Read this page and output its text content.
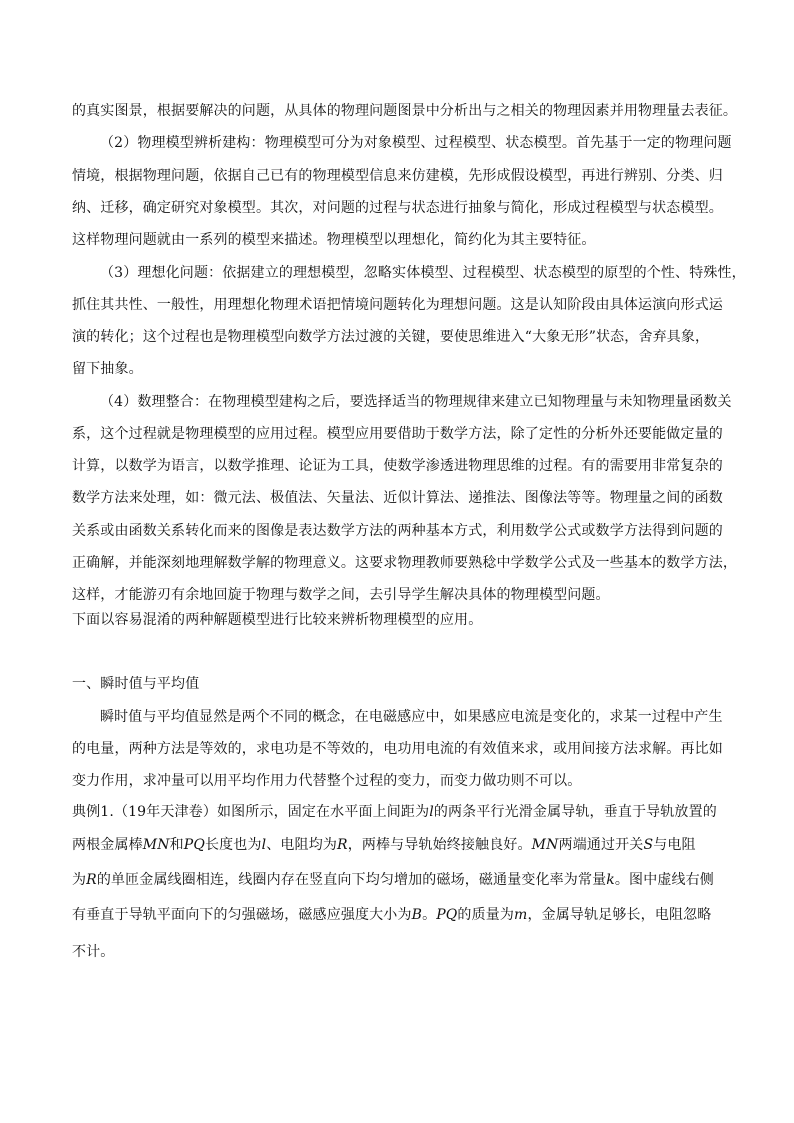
的真实图景，根据要解决的问题，从具体的物理问题图景中分析出与之相关的物理因素并用物理量去表征。
（2）物理模型辨析建构：物理模型可分为对象模型、过程模型、状态模型。首先基于一定的物理问题
情境，根据物理问题，依据自己已有的物理模型信息来仿建模，先形成假设模型，再进行辨别、分类、归
纳、迁移，确定研究对象模型。其次，对问题的过程与状态进行抽象与简化，形成过程模型与状态模型。
这样物理问题就由一系列的模型来描述。物理模型以理想化，简约化为其主要特征。
（3）理想化问题：依据建立的理想模型，忽略实体模型、过程模型、状态模型的原型的个性、特殊性，
抓住其共性、一般性，用理想化物理术语把情境问题转化为理想问题。这是认知阶段由具体运演向形式运
演的转化；这个过程也是物理模型向数学方法过渡的关键，要使思维进入“大象无形”状态，舍弃具象，
留下抽象。
（4）数理整合：在物理模型建构之后，要选择适当的物理规律来建立已知物理量与未知物理量函数关
系，这个过程就是物理模型的应用过程。模型应用要借助于数学方法，除了定性的分析外还要能做定量的
计算，以数学为语言，以数学推理、论证为工具，使数学渗透进物理思维的过程。有的需要用非常复杂的
数学方法来处理，如：微元法、极值法、矢量法、近似计算法、递推法、图像法等等。物理量之间的函数
关系或由函数关系转化而来的图像是表达数学方法的两种基本方式，利用数学公式或数学方法得到问题的
正确解，并能深刻地理解数学解的物理意义。这要求物理教师要熟稔中学数学公式及一些基本的数学方法，
这样，才能游刃有余地回旋于物理与数学之间，去引导学生解决具体的物理模型问题。
下面以容易混淆的两种解题模型进行比较来辨析物理模型的应用。
一、瞬时值与平均值
瞬时值与平均值显然是两个不同的概念，在电磁感应中，如果感应电流是变化的，求某一过程中产生
的电量，两种方法是等效的，求电功是不等效的，电功用电流的有效值来求，或用间接方法求解。再比如
变力作用，求冲量可以用平均作用力代替整个过程的变力，而变力做功则不可以。
典例1.（19年天津卷）如图所示，固定在水平面上间距为l的两条平行光滑金属导轨，垂直于导轨放置的
两根金属棒MN和PQ长度也为l、电阻均为R，两棒与导轨始终接触良好。MN两端通过开关S与电阻
为R的单匝金属线圈相连，线圈内存在竖直向下均匀增加的磁场，磁通量变化率为常量k。图中虚线右侧
有垂直于导轨平面向下的匀强磁场，磁感应强度大小为B。PQ的质量为m，金属导轨足够长，电阻忽略
不计。
